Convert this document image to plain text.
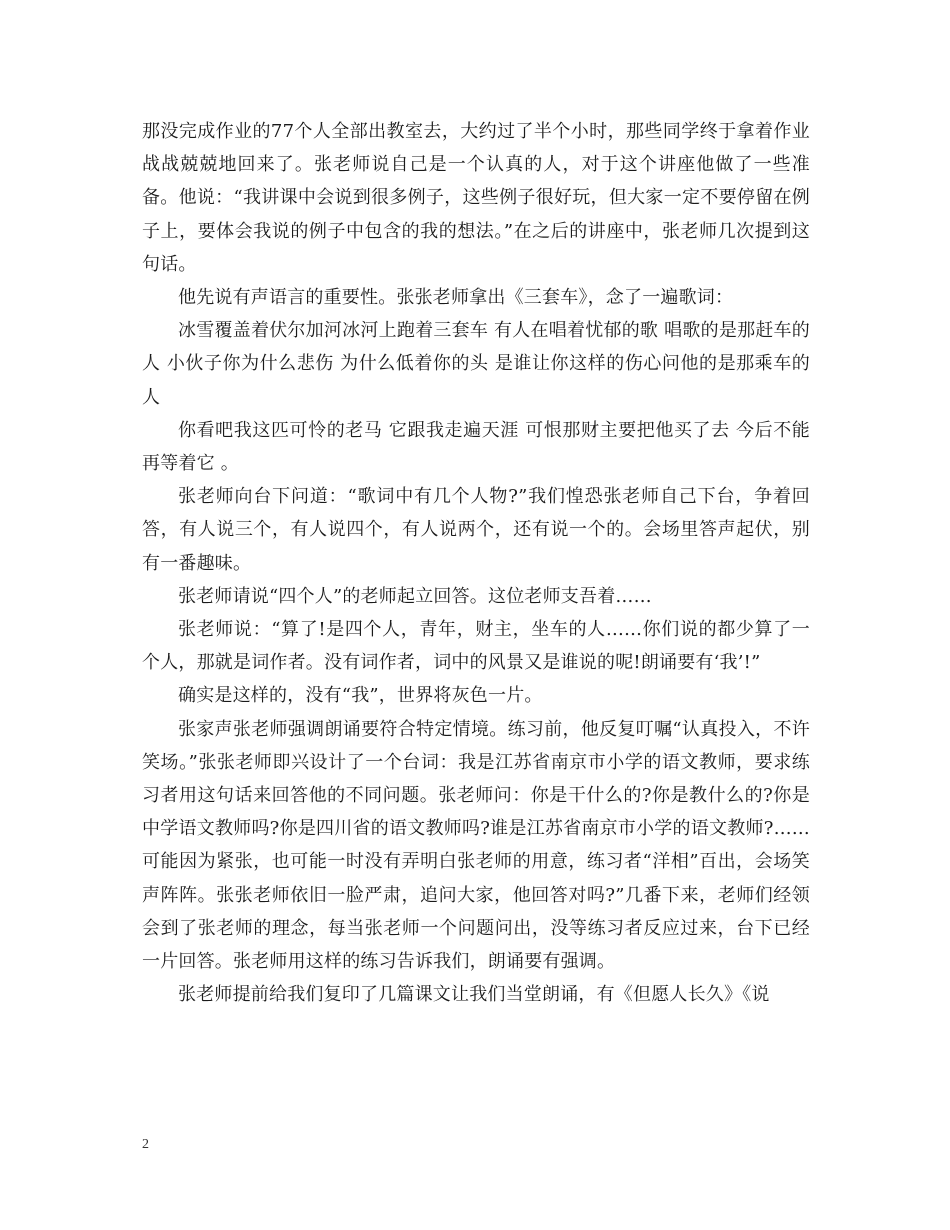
那没完成作业的77个人全部出教室去，大约过了半个小时，那些同学终于拿着作业战战兢兢地回来了。张老师说自己是一个认真的人，对于这个讲座他做了一些准备。他说：“我讲课中会说到很多例子，这些例子很好玩，但大家一定不要停留在例子上，要体会我说的例子中包含的我的想法。”在之后的讲座中，张老师几次提到这句话。

他先说有声语言的重要性。张张老师拿出《三套车》，念了一遍歌词：

冰雪覆盖着伏尔加河冰河上跑着三套车 有人在唱着忧郁的歌 唱歌的是那赶车的人 小伙子你为什么悲伤 为什么低着你的头 是谁让你这样的伤心问他的是那乘车的人

你看吧我这匹可怜的老马 它跟我走遍天涯 可恨那财主要把他买了去 今后不能再等着它 。

张老师向台下问道：“歌词中有几个人物?”我们惶恐张老师自己下台，争着回答，有人说三个，有人说四个，有人说两个，还有说一个的。会场里答声起伏，别有一番趣味。

张老师请说“四个人”的老师起立回答。这位老师支吾着……

张老师说：“算了!是四个人，青年，财主，坐车的人……你们说的都少算了一个人，那就是词作者。没有词作者，词中的风景又是谁说的呢!朗诵要有‘我’!”

确实是这样的，没有“我”，世界将灰色一片。

张家声张老师强调朗诵要符合特定情境。练习前，他反复叮嘱“认真投入，不许笑场。”张张老师即兴设计了一个台词：我是江苏省南京市小学的语文教师，要求练习者用这句话来回答他的不同问题。张老师问：你是干什么的?你是教什么的?你是中学语文教师吗?你是四川省的语文教师吗?谁是江苏省南京市小学的语文教师?……可能因为紧张，也可能一时没有弄明白张老师的用意，练习者“洋相”百出，会场笑声阵阵。张张老师依旧一脸严肃，追问大家，他回答对吗?”几番下来，老师们经领会到了张老师的理念，每当张老师一个问题问出，没等练习者反应过来，台下已经一片回答。张老师用这样的练习告诉我们，朗诵要有强调。

张老师提前给我们复印了几篇课文让我们当堂朗诵，有《但愿人长久》《说

2
